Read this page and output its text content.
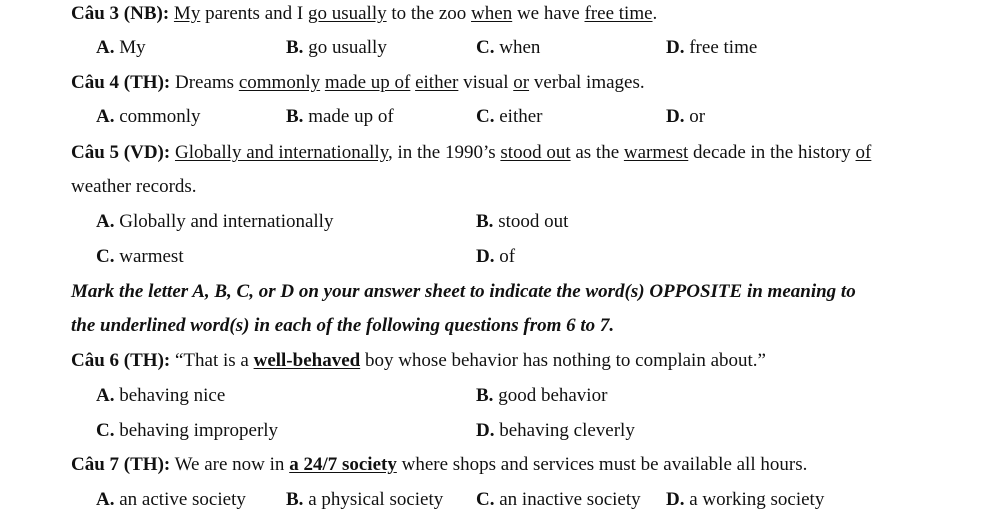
Câu 3 (NB): My parents and I go usually to the zoo when we have free time.
A. My	B. go usually	C. when	D. free time
Câu 4 (TH): Dreams commonly made up of either visual or verbal images.
A. commonly	B. made up of	C. either	D. or
Câu 5 (VD): Globally and internationally, in the 1990’s stood out as the warmest decade in the history of
weather records.
A. Globally and internationally	B. stood out
C. warmest	D. of
Mark the letter A, B, C, or D on your answer sheet to indicate the word(s) OPPOSITE in meaning to
the underlined word(s) in each of the following questions from 6 to 7.
Câu 6 (TH): “That is a well-behaved boy whose behavior has nothing to complain about.”
A. behaving nice	B. good behavior
C. behaving improperly	D. behaving cleverly
Câu 7 (TH): We are now in a 24/7 society where shops and services must be available all hours.
A. an active society B. a physical society C. an inactive society D. a working society
